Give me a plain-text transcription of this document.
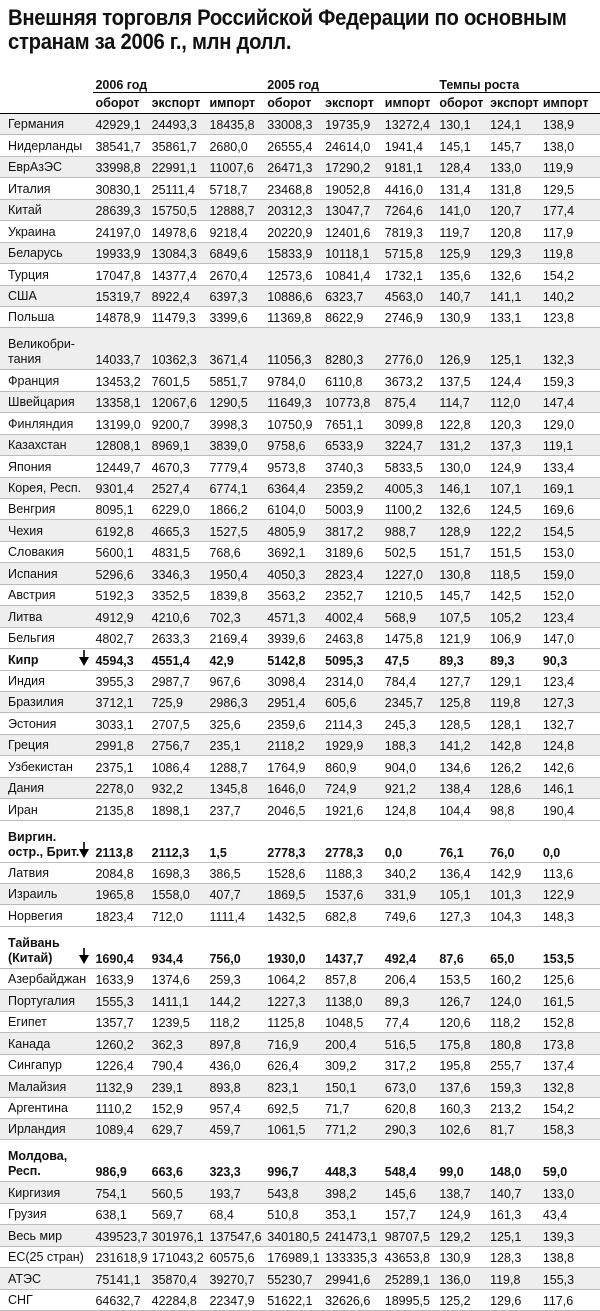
Внешняя торговля Российской Федерации по основным странам за 2006 г., млн долл.
	2006 год			2005 год			Темпы роста		
	оборот	экспорт	импорт	оборот	экспорт	импорт	оборот	экспорт	импорт
Германия	42929,1	24493,3	18435,8	33008,3	19735,9	13272,4	130,1	124,1	138,9
Нидерланды	38541,7	35861,7	2680,0	26555,4	24614,0	1941,4	145,1	145,7	138,0
ЕврАзЭС	33998,8	22991,1	11007,6	26471,3	17290,2	9181,1	128,4	133,0	119,9
Италия	30830,1	25111,4	5718,7	23468,8	19052,8	4416,0	131,4	131,8	129,5
Китай	28639,3	15750,5	12888,7	20312,3	13047,7	7264,6	141,0	120,7	177,4
Украина	24197,0	14978,6	9218,4	20220,9	12401,6	7819,3	119,7	120,8	117,9
Беларусь	19933,9	13084,3	6849,6	15833,9	10118,1	5715,8	125,9	129,3	119,8
Турция	17047,8	14377,4	2670,4	12573,6	10841,4	1732,1	135,6	132,6	154,2
США	15319,7	8922,4	6397,3	10886,6	6323,7	4563,0	140,7	141,1	140,2
Польша	14878,9	11479,3	3399,6	11369,8	8622,9	2746,9	130,9	133,1	123,8
Великобри-тания	14033,7	10362,3	3671,4	11056,3	8280,3	2776,0	126,9	125,1	132,3
Франция	13453,2	7601,5	5851,7	9784,0	6110,8	3673,2	137,5	124,4	159,3
Швейцария	13358,1	12067,6	1290,5	11649,3	10773,8	875,4	114,7	112,0	147,4
Финляндия	13199,0	9200,7	3998,3	10750,9	7651,1	3099,8	122,8	120,3	129,0
Казахстан	12808,1	8969,1	3839,0	9758,6	6533,9	3224,7	131,2	137,3	119,1
Япония	12449,7	4670,3	7779,4	9573,8	3740,3	5833,5	130,0	124,9	133,4
Корея, Респ.	9301,4	2527,4	6774,1	6364,4	2359,2	4005,3	146,1	107,1	169,1
Венгрия	8095,1	6229,0	1866,2	6104,0	5003,9	1100,2	132,6	124,5	169,6
Чехия	6192,8	4665,3	1527,5	4805,9	3817,2	988,7	128,9	122,2	154,5
Словакия	5600,1	4831,5	768,6	3692,1	3189,6	502,5	151,7	151,5	153,0
Испания	5296,6	3346,3	1950,4	4050,3	2823,4	1227,0	130,8	118,5	159,0
Австрия	5192,3	3352,5	1839,8	3563,2	2352,7	1210,5	145,7	142,5	152,0
Литва	4912,9	4210,6	702,3	4571,3	4002,4	568,9	107,5	105,2	123,4
Бельгия	4802,7	2633,3	2169,4	3939,6	2463,8	1475,8	121,9	106,9	147,0
Кипр	4594,3	4551,4	42,9	5142,8	5095,3	47,5	89,3	89,3	90,3
Индия	3955,3	2987,7	967,6	3098,4	2314,0	784,4	127,7	129,1	123,4
Бразилия	3712,1	725,9	2986,3	2951,4	605,6	2345,7	125,8	119,8	127,3
Эстония	3033,1	2707,5	325,6	2359,6	2114,3	245,3	128,5	128,1	132,7
Греция	2991,8	2756,7	235,1	2118,2	1929,9	188,3	141,2	142,8	124,8
Узбекистан	2375,1	1086,4	1288,7	1764,9	860,9	904,0	134,6	126,2	142,6
Дания	2278,0	932,2	1345,8	1646,0	724,9	921,2	138,4	128,6	146,1
Иран	2135,8	1898,1	237,7	2046,5	1921,6	124,8	104,4	98,8	190,4
Виргин. остр., Брит.	2113,8	2112,3	1,5	2778,3	2778,3	0,0	76,1	76,0	0,0
Латвия	2084,8	1698,3	386,5	1528,6	1188,3	340,2	136,4	142,9	113,6
Израиль	1965,8	1558,0	407,7	1869,5	1537,6	331,9	105,1	101,3	122,9
Норвегия	1823,4	712,0	1111,4	1432,5	682,8	749,6	127,3	104,3	148,3
Тайвань (Китай)	1690,4	934,4	756,0	1930,0	1437,7	492,4	87,6	65,0	153,5
Азербайджан	1633,9	1374,6	259,3	1064,2	857,8	206,4	153,5	160,2	125,6
Португалия	1555,3	1411,1	144,2	1227,3	1138,0	89,3	126,7	124,0	161,5
Египет	1357,7	1239,5	118,2	1125,8	1048,5	77,4	120,6	118,2	152,8
Канада	1260,2	362,3	897,8	716,9	200,4	516,5	175,8	180,8	173,8
Сингапур	1226,4	790,4	436,0	626,4	309,2	317,2	195,8	255,7	137,4
Малайзия	1132,9	239,1	893,8	823,1	150,1	673,0	137,6	159,3	132,8
Аргентина	1110,2	152,9	957,4	692,5	71,7	620,8	160,3	213,2	154,2
Ирландия	1089,4	629,7	459,7	1061,5	771,2	290,3	102,6	81,7	158,3
Молдова, Респ.	986,9	663,6	323,3	996,7	448,3	548,4	99,0	148,0	59,0
Киргизия	754,1	560,5	193,7	543,8	398,2	145,6	138,7	140,7	133,0
Грузия	638,1	569,7	68,4	510,8	353,1	157,7	124,9	161,3	43,4
Весь мир	439523,7	301976,1	137547,6	340180,5	241473,1	98707,5	129,2	125,1	139,3
ЕС(25 стран)	231618,9	171043,2	60575,6	176989,1	133335,3	43653,8	130,9	128,3	138,8
АТЭС	75141,1	35870,4	39270,7	55230,7	29941,6	25289,1	136,0	119,8	155,3
СНГ	64632,7	42284,8	22347,9	51622,1	32626,6	18995,5	125,2	129,6	117,6
